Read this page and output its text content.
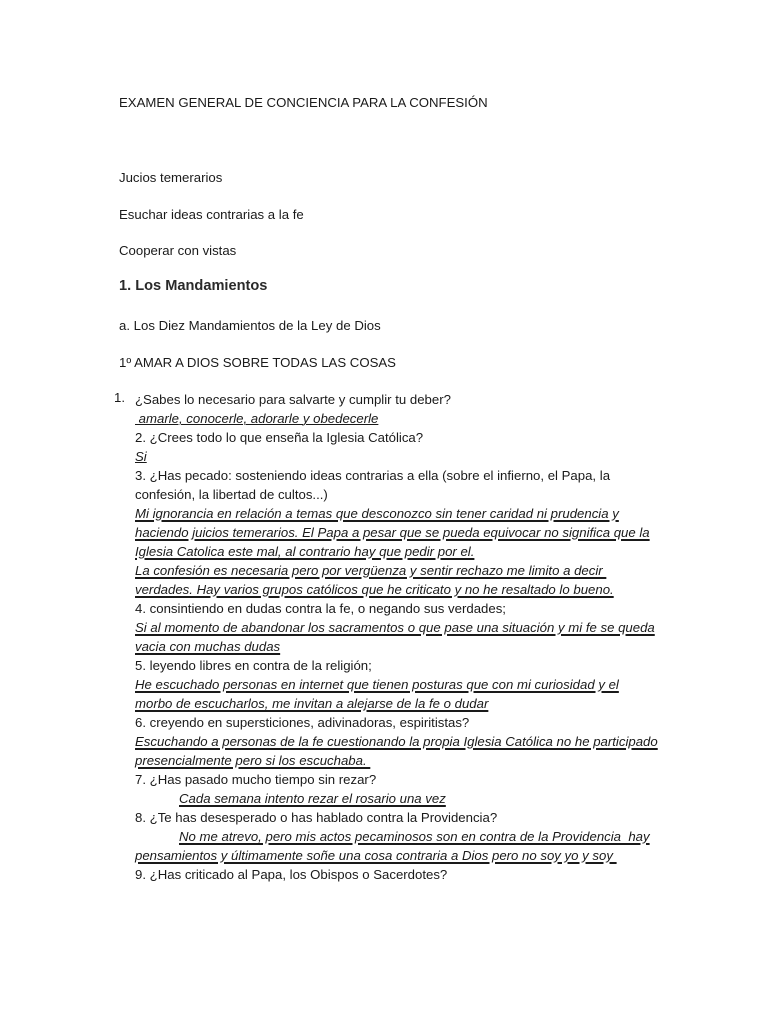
EXAMEN GENERAL DE CONCIENCIA PARA LA CONFESIÓN
Jucios temerarios
Esuchar ideas contrarias a la fe
Cooperar con vistas
1. Los Mandamientos
a. Los Diez Mandamientos de la Ley de Dios
1º AMAR A DIOS SOBRE TODAS LAS COSAS
1. ¿Sabes lo necesario para salvarte y cumplir tu deber?
amarle, conocerle, adorarle y obedecerle
2. ¿Crees todo lo que enseña la Iglesia Católica?
Si
3. ¿Has pecado: sosteniendo ideas contrarias a ella (sobre el infierno, el Papa, la
confesión, la libertad de cultos...)
Mi ignorancia en relación a temas que desconozco sin tener caridad ni prudencia y
haciendo juicios temerarios. El Papa a pesar que se pueda equivocar no significa que la
Iglesia Catolica este mal, al contrario hay que pedir por el.
La confesión es necesaria pero por vergüenza y sentir rechazo me limito a decir
verdades. Hay varios grupos católicos que he criticato y no he resaltado lo bueno.
4. consintiendo en dudas contra la fe, o negando sus verdades;
Si al momento de abandonar los sacramentos o que pase una situación y mi fe se queda
vacia con muchas dudas
5. leyendo libres en contra de la religión;
He escuchado personas en internet que tienen posturas que con mi curiosidad y el
morbo de escucharlos, me invitan a alejarse de la fe o dudar
6. creyendo en supersticiones, adivinadoras, espiritistas?
Escuchando a personas de la fe cuestionando la propia Iglesia Católica no he participado
presencialmente pero si los escuchaba.
7. ¿Has pasado mucho tiempo sin rezar?
Cada semana intento rezar el rosario una vez
8. ¿Te has desesperado o has hablado contra la Providencia?
No me atrevo, pero mis actos pecaminosos son en contra de la Providencia  hay
pensamientos y últimamente soñe una cosa contraria a Dios pero no soy yo y soy
9. ¿Has criticado al Papa, los Obispos o Sacerdotes?
